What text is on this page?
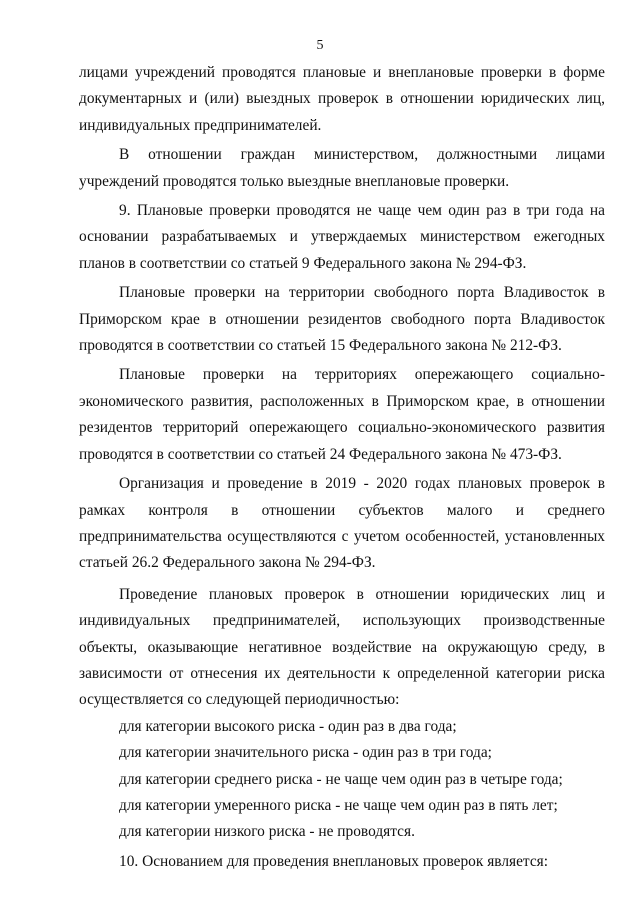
5

лицами учреждений проводятся плановые и внеплановые проверки в форме документарных и (или) выездных проверок в отношении юридических лиц, индивидуальных предпринимателей.

В отношении граждан министерством, должностными лицами учреждений проводятся только выездные внеплановые проверки.

9. Плановые проверки проводятся не чаще чем один раз в три года на основании разрабатываемых и утверждаемых министерством ежегодных планов в соответствии со статьей 9 Федерального закона № 294-ФЗ.

Плановые проверки на территории свободного порта Владивосток в Приморском крае в отношении резидентов свободного порта Владивосток проводятся в соответствии со статьей 15 Федерального закона № 212-ФЗ.

Плановые проверки на территориях опережающего социально-экономического развития, расположенных в Приморском крае, в отношении резидентов территорий опережающего социально-экономического развития проводятся в соответствии со статьей 24 Федерального закона № 473-ФЗ.

Организация и проведение в 2019 - 2020 годах плановых проверок в рамках контроля в отношении субъектов малого и среднего предпринимательства осуществляются с учетом особенностей, установленных статьей 26.2 Федерального закона № 294-ФЗ.

Проведение плановых проверок в отношении юридических лиц и индивидуальных предпринимателей, использующих производственные объекты, оказывающие негативное воздействие на окружающую среду, в зависимости от отнесения их деятельности к определенной категории риска осуществляется со следующей периодичностью:

для категории высокого риска - один раз в два года;

для категории значительного риска - один раз в три года;

для категории среднего риска - не чаще чем один раз в четыре года;

для категории умеренного риска - не чаще чем один раз в пять лет;

для категории низкого риска - не проводятся.

10. Основанием для проведения внеплановых проверок является:
